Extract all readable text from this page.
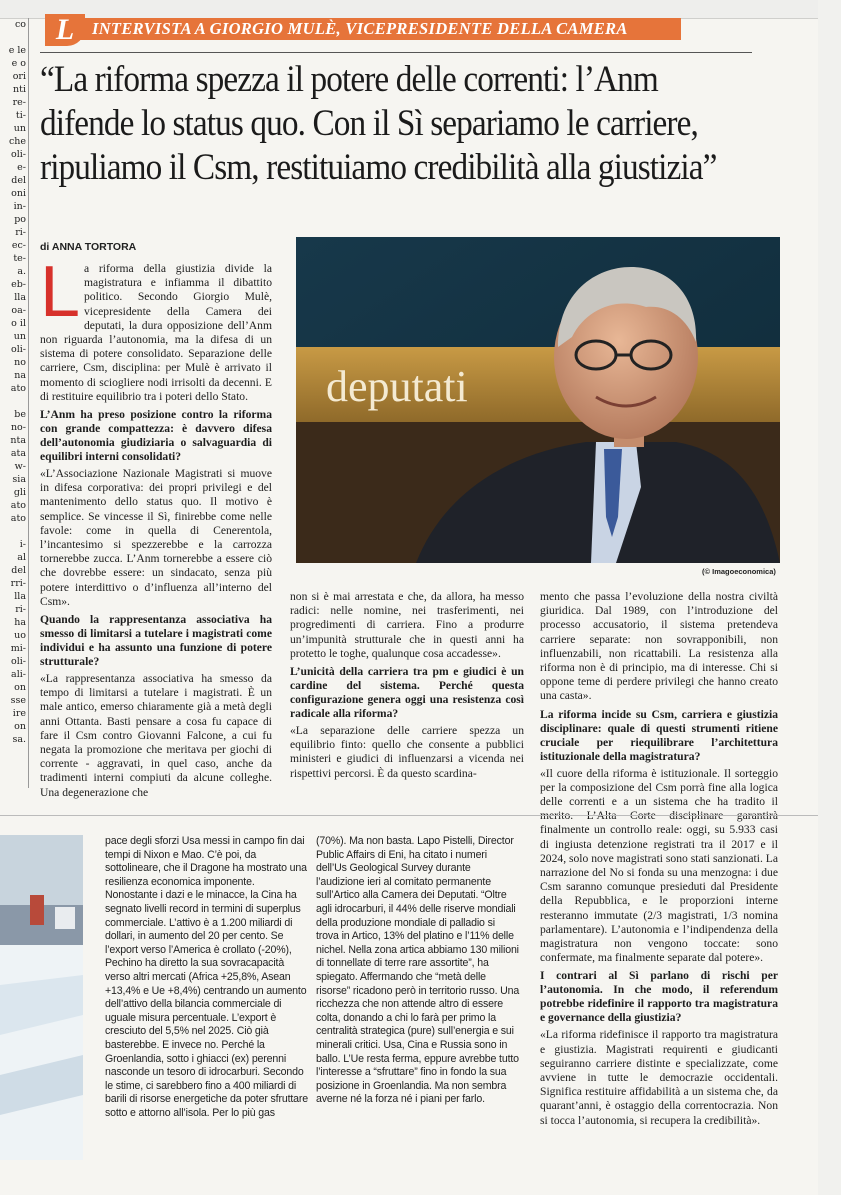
co

e le
e o
ori
nti
re-
ti-
un
che
oli-
e-
del
oni
in-
po
ri-
ec-
te-
a.
eb-
lla
oa-
o il
un
oli-
no
na
ato

be
no-
nta
ata
w-
sia
gli
ato
ato

i-
al
del
rri-
lla
ri-
ha
uo
mi-
oli-
ali-
on
sse
ire
on
sa.
L	INTERVISTA A GIORGIO MULÈ, VICEPRESIDENTE DELLA CAMERA
“La riforma spezza il potere delle correnti: l’Anm
difende lo status quo. Con il Sì separiamo le carriere,
ripuliamo il Csm, restituiamo credibilità alla giustizia”
di ANNA TORTORA

L a riforma della giustizia divide la magistratura e infiamma il dibattito politico. Secondo Giorgio Mulè, vicepresidente della Camera dei deputati, la dura opposizione dell’Anm non riguarda l’autonomia, ma la difesa di un sistema di potere consolidato. Separazione delle carriere, Csm, disciplina: per Mulè è arrivato il momento di sciogliere nodi irrisolti da decenni. E di restituire equilibrio tra i poteri dello Stato.

L’Anm ha preso posizione contro la riforma con grande compattezza: è davvero difesa dell’autonomia giudiziaria o salvaguardia di equilibri interni consolidati?

«L’Associazione Nazionale Magistrati si muove in difesa corporativa: dei propri privilegi e del mantenimento dello status quo. Il motivo è semplice. Se vincesse il Sì, finirebbe come nelle favole: come in quella di Cenerentola, l’incantesimo si spezzerebbe e la carrozza tornerebbe zucca. L’Anm tornerebbe a essere ciò che dovrebbe essere: un sindacato, senza più potere interdittivo o d’influenza all’interno del Csm».

Quando la rappresentanza associativa ha smesso di limitarsi a tutelare i magistrati come individui e ha assunto una funzione di potere strutturale?

«La rappresentanza associativa ha smesso da tempo di limitarsi a tutelare i magistrati. È un male antico, emerso chiaramente già a metà degli anni Ottanta. Basti pensare a cosa fu capace di fare il Csm contro Giovanni Falcone, a cui fu negata la promozione che meritava per giochi di corrente - aggravati, in quel caso, anche da tradimenti interni compiuti da alcune colleghe. Una degenerazione che

non si è mai arrestata e che, da allora, ha messo radici: nelle nomine, nei trasferimenti, nei progredimenti di carriera. Fino a produrre un’impunità strutturale che in questi anni ha protetto le toghe, qualunque cosa accadesse».

L’unicità della carriera tra pm e giudici è un cardine del sistema. Perché questa configurazione genera oggi una resistenza così radicale alla riforma?

«La separazione delle carriere spezza un equilibrio finto: quello che consente a pubblici ministeri e giudici di influenzarsi a vicenda nei rispettivi percorsi. È da questo scardina-

mento che passa l’evoluzione della nostra civiltà giuridica. Dal 1989, con l’introduzione del processo accusatorio, il sistema pretendeva carriere separate: non sovrapponibili, non influenzabili, non ricattabili. La resistenza alla riforma non è di principio, ma di interesse. Chi si oppone teme di perdere privilegi che hanno creato una casta».

La riforma incide su Csm, carriera e giustizia disciplinare: quale di questi strumenti ritiene cruciale per riequilibrare l’architettura istituzionale della magistratura?

«Il cuore della riforma è istituzionale. Il sorteggio per la composizione del Csm porrà fine alla logica delle correnti e a un sistema che ha tradito il finalmente un controllo reale: oggi, su 5.933 casi di ingiusta detenzione registrati tra il 2017 e il 2024, solo nove magistrati sono stati sanzionati. La narrazione del No si fonda su una menzogna: i due Csm saranno comunque presieduti dal Presidente della Repubblica, e le proporzioni interne resteranno immutate (2/3 magistrati, 1/3 nomina parlamentare). L’autonomia e l’indipendenza della magistratura non vengono toccate: sono confermate, ma finalmente separate dal potere».

I contrari al Sì parlano di rischi per l’autonomia. In che modo, il referendum potrebbe ridefinire il rapporto tra magistratura e governance della giustizia?

«La riforma ridefinisce il rapporto tra magistratura e giustizia. Magistrati requirenti e giudicanti seguiranno carriere distinte e specializzate, come avviene in tutte le democrazie occidentali. Significa restituire affidabilità a un sistema che, da quarant’anni, è ostaggio della correntocrazia. Non si tocca l’autonomia, si recupera la credibilità».

deputati
(© Imagoeconomica)
pace degli sforzi Usa messi in campo fin dai tempi di Nixon e Mao. C’è poi, da sottolineare, che il Dragone ha mostrato una resilienza economica imponente. Nonostante i dazi e le minacce, la Cina ha segnato livelli record in termini di superplus commerciale. L’attivo è a 1.200 miliardi di dollari, in aumento del 20 per cento. Se l’export verso l’America è crollato (-20%), Pechino ha diretto la sua sovracapacità verso altri mercati (Africa +25,8%, Asean +13,4% e Ue +8,4%) centrando un aumento dell’attivo della bilancia commerciale di uguale misura percentuale. L’export è cresciuto del 5,5% nel 2025. Ciò già basterebbe. E invece no. Perché la Groenlandia, sotto i ghiacci (ex) perenni nasconde un tesoro di idrocarburi. Secondo le stime, ci sarebbero fino a 400 miliardi di barili di risorse energetiche da poter sfruttare sotto e attorno all’isola. Per lo più gas
(70%). Ma non basta. Lapo Pistelli, Director Public Affairs di Eni, ha citato i numeri dell’Us Geological Survey durante l’audizione ieri al comitato permanente sull’Artico alla Camera dei Deputati. “Oltre agli idrocarburi, il 44% delle riserve mondiali della produzione mondiale di palladio si trova in Artico, 13% del platino e l’11% delle nichel. Nella zona artica abbiamo 130 milioni di tonnellate di terre rare assortite”, ha spiegato. Affermando che “metà delle risorse” ricadono però in territorio russo. Una ricchezza che non attende altro di essere colta, donando a chi lo farà per primo la centralità strategica (pure) sull’energia e sui minerali critici. Usa, Cina e Russia sono in ballo. L’Ue resta ferma, eppure avrebbe tutto l’interesse a “sfruttare” fino in fondo la sua posizione in Groenlandia. Ma non sembra averne né la forza né i piani per farlo.
